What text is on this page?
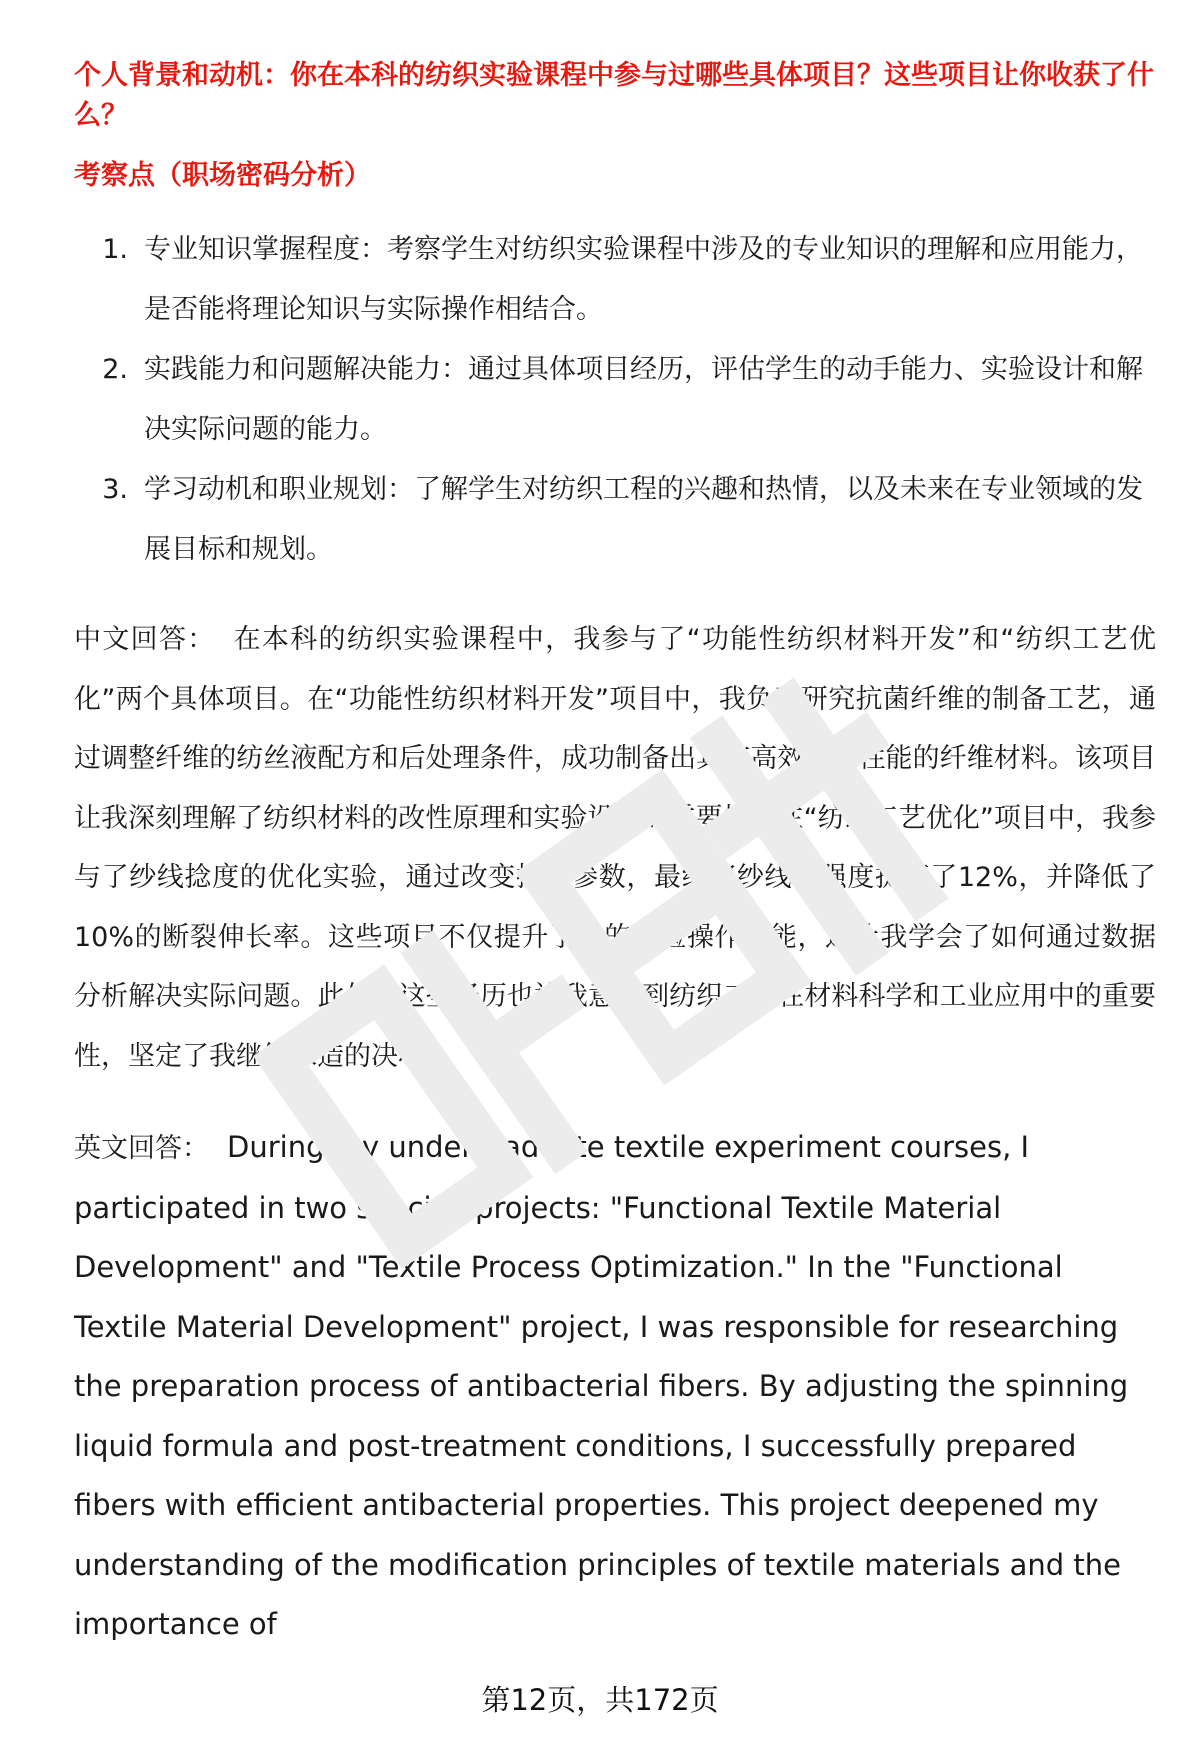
个人背景和动机：你在本科的纺织实验课程中参与过哪些具体项目？这些项目让你收获了什么？
考察点（职场密码分析）
1. 专业知识掌握程度：考察学生对纺织实验课程中涉及的专业知识的理解和应用能力，是否能将理论知识与实际操作相结合。
2. 实践能力和问题解决能力：通过具体项目经历，评估学生的动手能力、实验设计和解决实际问题的能力。
3. 学习动机和职业规划：了解学生对纺织工程的兴趣和热情，以及未来在专业领域的发展目标和规划。

中文回答： 在本科的纺织实验课程中，我参与了“功能性纺织材料开发”和“纺织工艺优化”两个具体项目。在“功能性纺织材料开发”项目中，我负责研究抗菌纤维的制备工艺，通过调整纤维的纺丝液配方和后处理条件，成功制备出具有高效抗菌性能的纤维材料。该项目让我深刻理解了纺织材料的改性原理和实验设计的重要性。在“纺织工艺优化”项目中，我参与了纱线捻度的优化实验，通过改变捻度参数，最终将纱线的强度提高了12%，并降低了10%的断裂伸长率。这些项目不仅提升了我的实验操作技能，还让我学会了如何通过数据分析解决实际问题。此外，这些经历也让我意识到纺织工程在材料科学和工业应用中的重要性，坚定了我继续深造的决心。

英文回答： During my undergraduate textile experiment courses, I participated in two specific projects: "Functional Textile Material Development" and "Textile Process Optimization." In the "Functional Textile Material Development" project, I was responsible for researching the preparation process of antibacterial fibers. By adjusting the spinning liquid formula and post-treatment conditions, I successfully prepared fibers with efficient antibacterial properties. This project deepened my understanding of the modification principles of textile materials and the importance of

第12页，共172页
